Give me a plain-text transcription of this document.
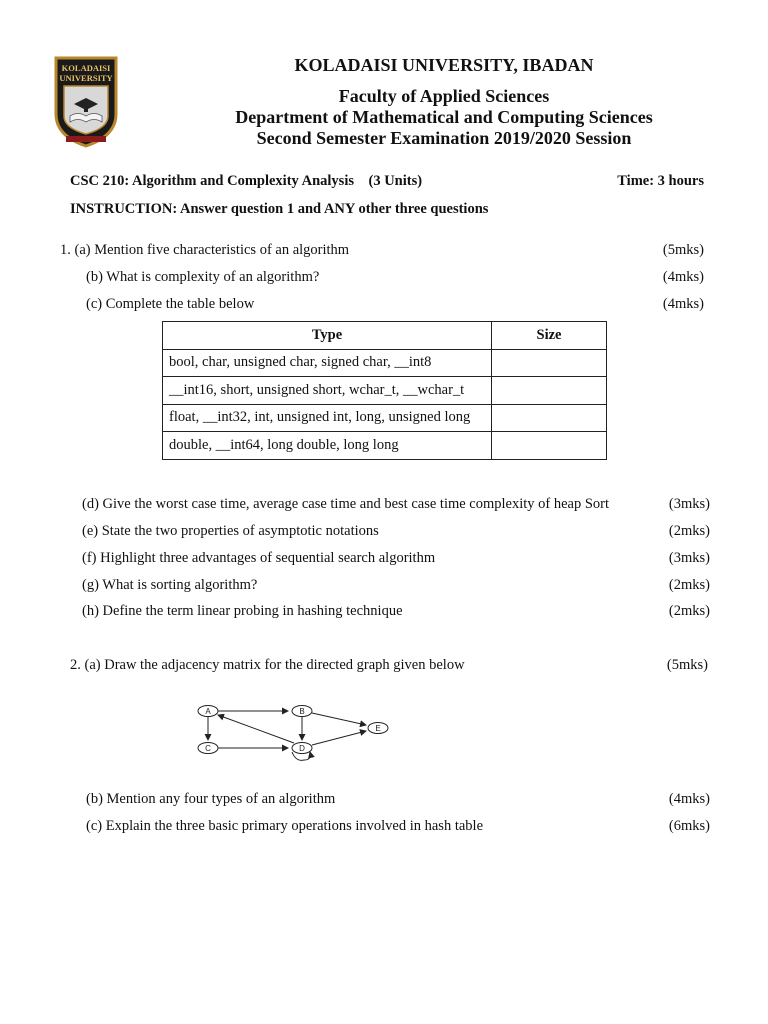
KOLADAISI
UNIVERSITY
KOLADAISI UNIVERSITY, IBADAN
Faculty of Applied Sciences
Department of Mathematical and Computing Sciences
Second Semester Examination 2019/2020 Session
CSC 210: Algorithm and Complexity Analysis    (3 Units)	Time: 3 hours
INSTRUCTION: Answer question 1 and ANY other three questions
1. (a) Mention five characteristics of an algorithm	(5mks)
(b) What is complexity of an algorithm?	(4mks)
(c) Complete the table below	(4mks)
Type	Size
bool, char, unsigned char, signed char, __int8	
__int16, short, unsigned short, wchar_t, __wchar_t	
float, __int32, int, unsigned int, long, unsigned long	
double, __int64, long double, long long	
(d) Give the worst case time, average case time and best case time complexity of heap Sort	(3mks)
(e) State the two properties of asymptotic notations	(2mks)
(f) Highlight three advantages of sequential search algorithm	(3mks)
(g) What is sorting algorithm?	(2mks)
(h) Define the term linear probing in hashing technique	(2mks)
2. (a) Draw the adjacency matrix for the directed graph given below	(5mks)
A	B
C	D
E
(b) Mention any four types of an algorithm	(4mks)
(c) Explain the three basic primary operations involved in hash table	(6mks)
